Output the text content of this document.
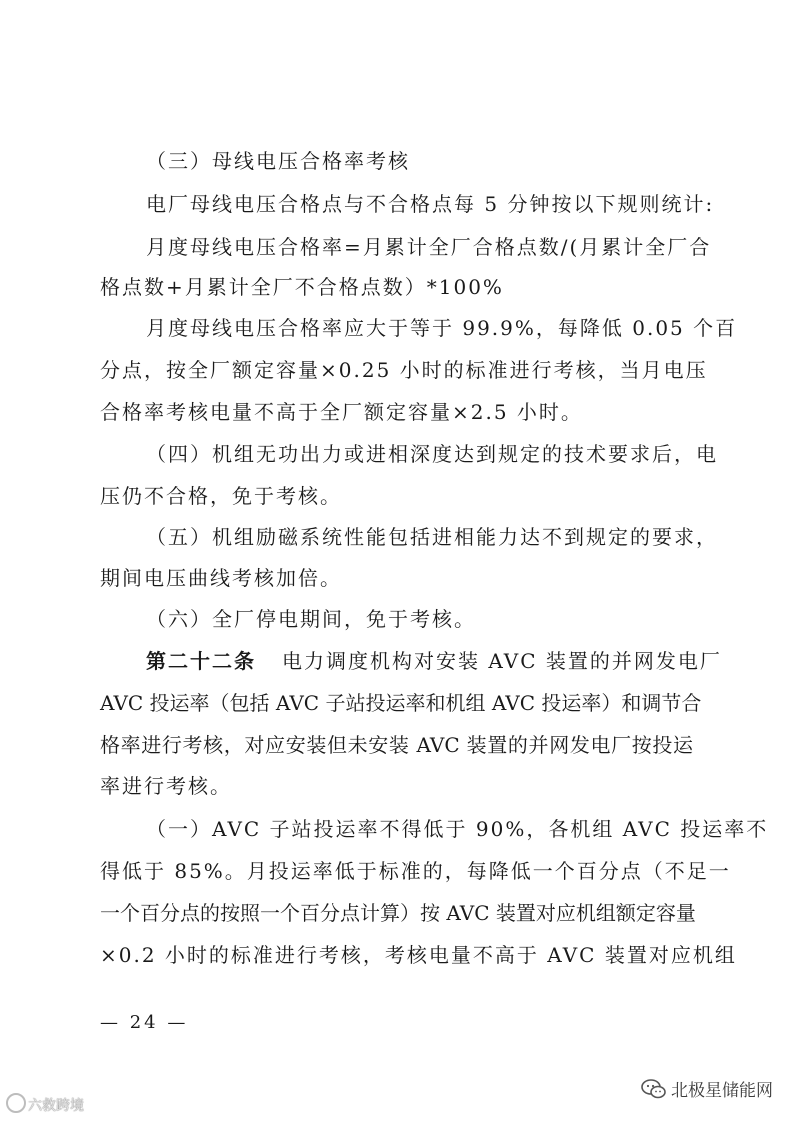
（三）母线电压合格率考核
电厂母线电压合格点与不合格点每 5 分钟按以下规则统计:
月度母线电压合格率=月累计全厂合格点数/(月累计全厂合
格点数+月累计全厂不合格点数）*100%
月度母线电压合格率应大于等于 99.9%，每降低 0.05 个百
分点，按全厂额定容量×0.25 小时的标准进行考核，当月电压
合格率考核电量不高于全厂额定容量×2.5 小时。
（四）机组无功出力或进相深度达到规定的技术要求后，电
压仍不合格，免于考核。
（五）机组励磁系统性能包括进相能力达不到规定的要求，
期间电压曲线考核加倍。
（六）全厂停电期间，免于考核。
第二十二条 电力调度机构对安装 AVC 装置的并网发电厂
AVC 投运率（包括 AVC 子站投运率和机组 AVC 投运率）和调节合
格率进行考核，对应安装但未安装 AVC 装置的并网发电厂按投运
率进行考核。
（一）AVC 子站投运率不得低于 90%，各机组 AVC 投运率不
得低于 85%。月投运率低于标准的，每降低一个百分点（不足一
一个百分点的按照一个百分点计算）按 AVC 装置对应机组额定容量
×0.2 小时的标准进行考核，考核电量不高于 AVC 装置对应机组
— 24 —
六救跨境
北极星储能网
